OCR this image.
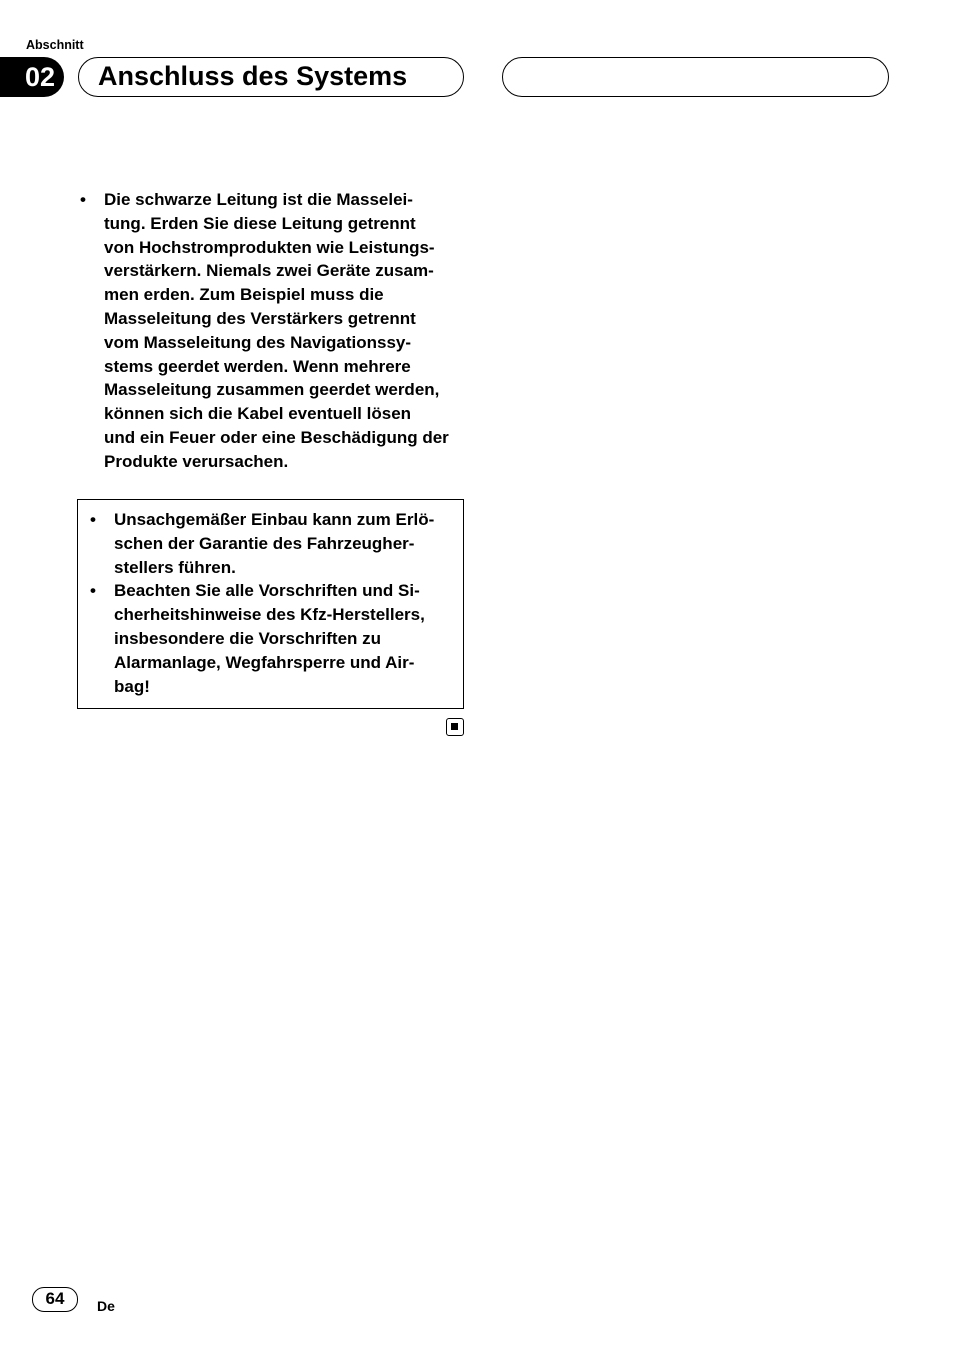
Abschnitt
02	Anschluss des Systems
• Die schwarze Leitung ist die Masselei-
tung. Erden Sie diese Leitung getrennt
von Hochstromprodukten wie Leistungs-
verstärkern. Niemals zwei Geräte zusam-
men erden. Zum Beispiel muss die
Masseleitung des Verstärkers getrennt
vom Masseleitung des Navigationssy-
stems geerdet werden. Wenn mehrere
Masseleitung zusammen geerdet werden,
können sich die Kabel eventuell lösen
und ein Feuer oder eine Beschädigung der
Produkte verursachen.
• Unsachgemäßer Einbau kann zum Erlö-
schen der Garantie des Fahrzeugher-
stellers führen.
• Beachten Sie alle Vorschriften und Si-
cherheitshinweise des Kfz-Herstellers,
insbesondere die Vorschriften zu
Alarmanlage, Wegfahrsperre und Air-
bag!
64	De
